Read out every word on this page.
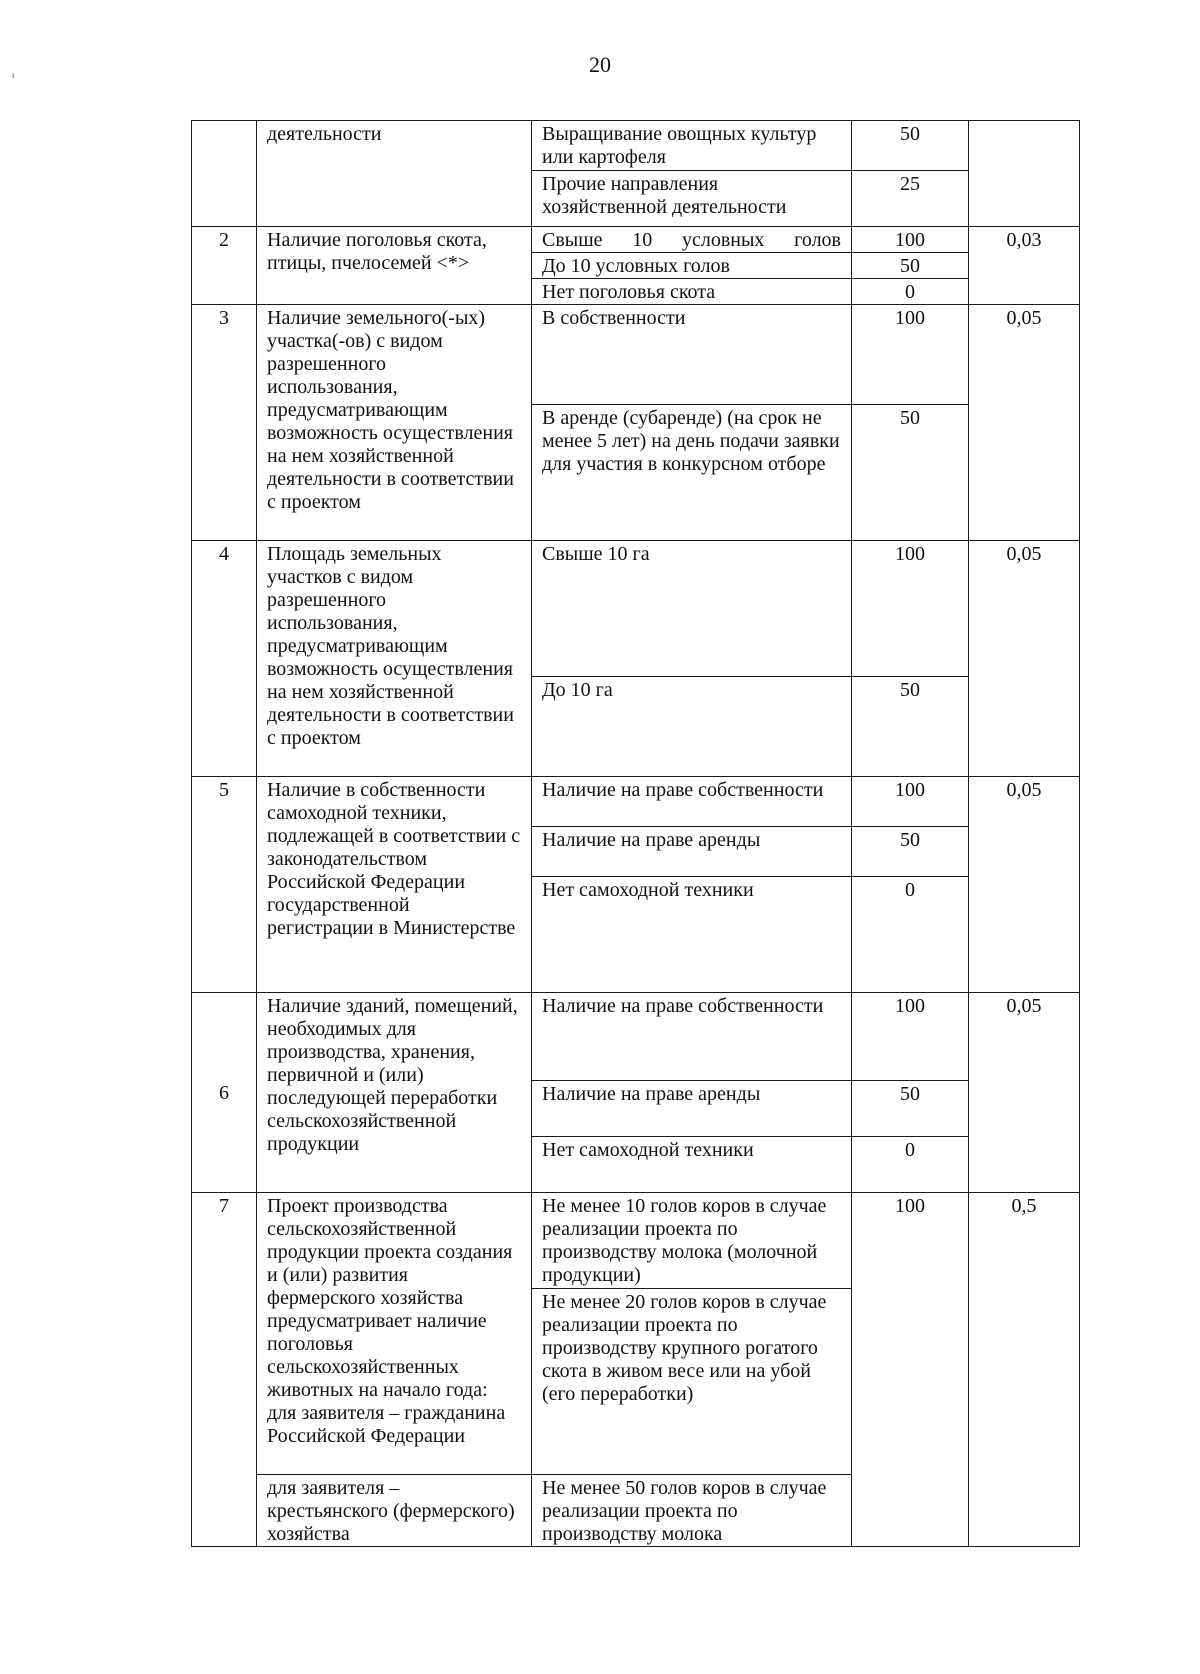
20
ι
	деятельности	Выращивание овощных культур или картофеля	50	
		Прочие направления хозяйственной деятельности	25	
2	Наличие поголовья скота, птицы, пчелосемей <*>	Свыше 10 условных голов	100	0,03
		До 10 условных голов	50	
		Нет поголовья скота	0	
3	Наличие земельного(-ых) участка(-ов) с видом разрешенного использования, предусматривающим возможность осуществления на нем хозяйственной деятельности в соответствии с проектом	В собственности	100	0,05
		В аренде (субаренде) (на срок не менее 5 лет) на день подачи заявки для участия в конкурсном отборе	50	
4	Площадь земельных участков с видом разрешенного использования, предусматривающим возможность осуществления на нем хозяйственной деятельности в соответствии с проектом	Свыше 10 га	100	0,05
		До 10 га	50	
5	Наличие в собственности самоходной техники, подлежащей в соответствии с законодательством Российской Федерации государственной регистрации в Министерстве	Наличие на праве собственности	100	0,05
		Наличие на праве аренды	50	
		Нет самоходной техники	0	
6	Наличие зданий, помещений, необходимых для производства, хранения, первичной и (или) последующей переработки сельскохозяйственной продукции	Наличие на праве собственности	100	0,05
		Наличие на праве аренды	50	
		Нет самоходной техники	0	
7	Проект производства сельскохозяйственной продукции проекта создания и (или) развития фермерского хозяйства предусматривает наличие поголовья сельскохозяйственных животных на начало года: для заявителя – гражданина Российской Федерации	Не менее 10 голов коров в случае реализации проекта по производству молока (молочной продукции)	100	0,5
		Не менее 20 голов коров в случае реализации проекта по производству крупного рогатого скота в живом весе или на убой (его переработки)		
	для заявителя – крестьянского (фермерского) хозяйства	Не менее 50 голов коров в случае реализации проекта по производству молока		
